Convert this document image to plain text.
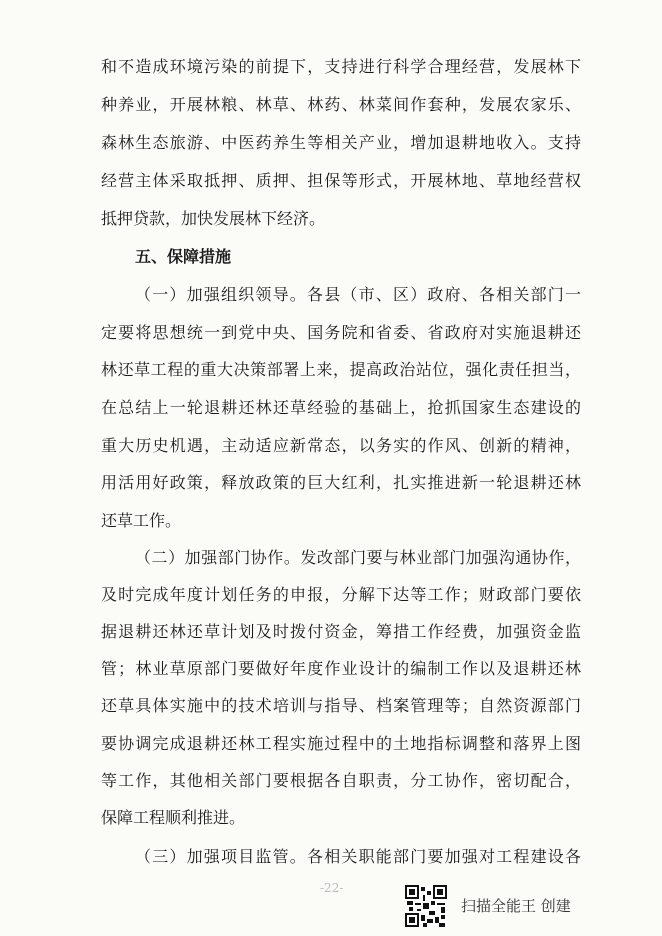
和不造成环境污染的前提下，支持进行科学合理经营，发展林下
种养业，开展林粮、林草、林药、林菜间作套种，发展农家乐、
森林生态旅游、中医药养生等相关产业，增加退耕地收入。支持
经营主体采取抵押、质押、担保等形式，开展林地、草地经营权
抵押贷款，加快发展林下经济。
五、保障措施
（一）加强组织领导。各县（市、区）政府、各相关部门一
定要将思想统一到党中央、国务院和省委、省政府对实施退耕还
林还草工程的重大决策部署上来，提高政治站位，强化责任担当，
在总结上一轮退耕还林还草经验的基础上，抢抓国家生态建设的
重大历史机遇，主动适应新常态，以务实的作风、创新的精神，
用活用好政策，释放政策的巨大红利，扎实推进新一轮退耕还林
还草工作。
（二）加强部门协作。发改部门要与林业部门加强沟通协作，
及时完成年度计划任务的申报，分解下达等工作；财政部门要依
据退耕还林还草计划及时拨付资金，筹措工作经费，加强资金监
管；林业草原部门要做好年度作业设计的编制工作以及退耕还林
还草具体实施中的技术培训与指导、档案管理等；自然资源部门
要协调完成退耕还林工程实施过程中的土地指标调整和落界上图
等工作，其他相关部门要根据各自职责，分工协作，密切配合，
保障工程顺利推进。
（三）加强项目监管。各相关职能部门要加强对工程建设各
-22-
扫描全能王 创建
